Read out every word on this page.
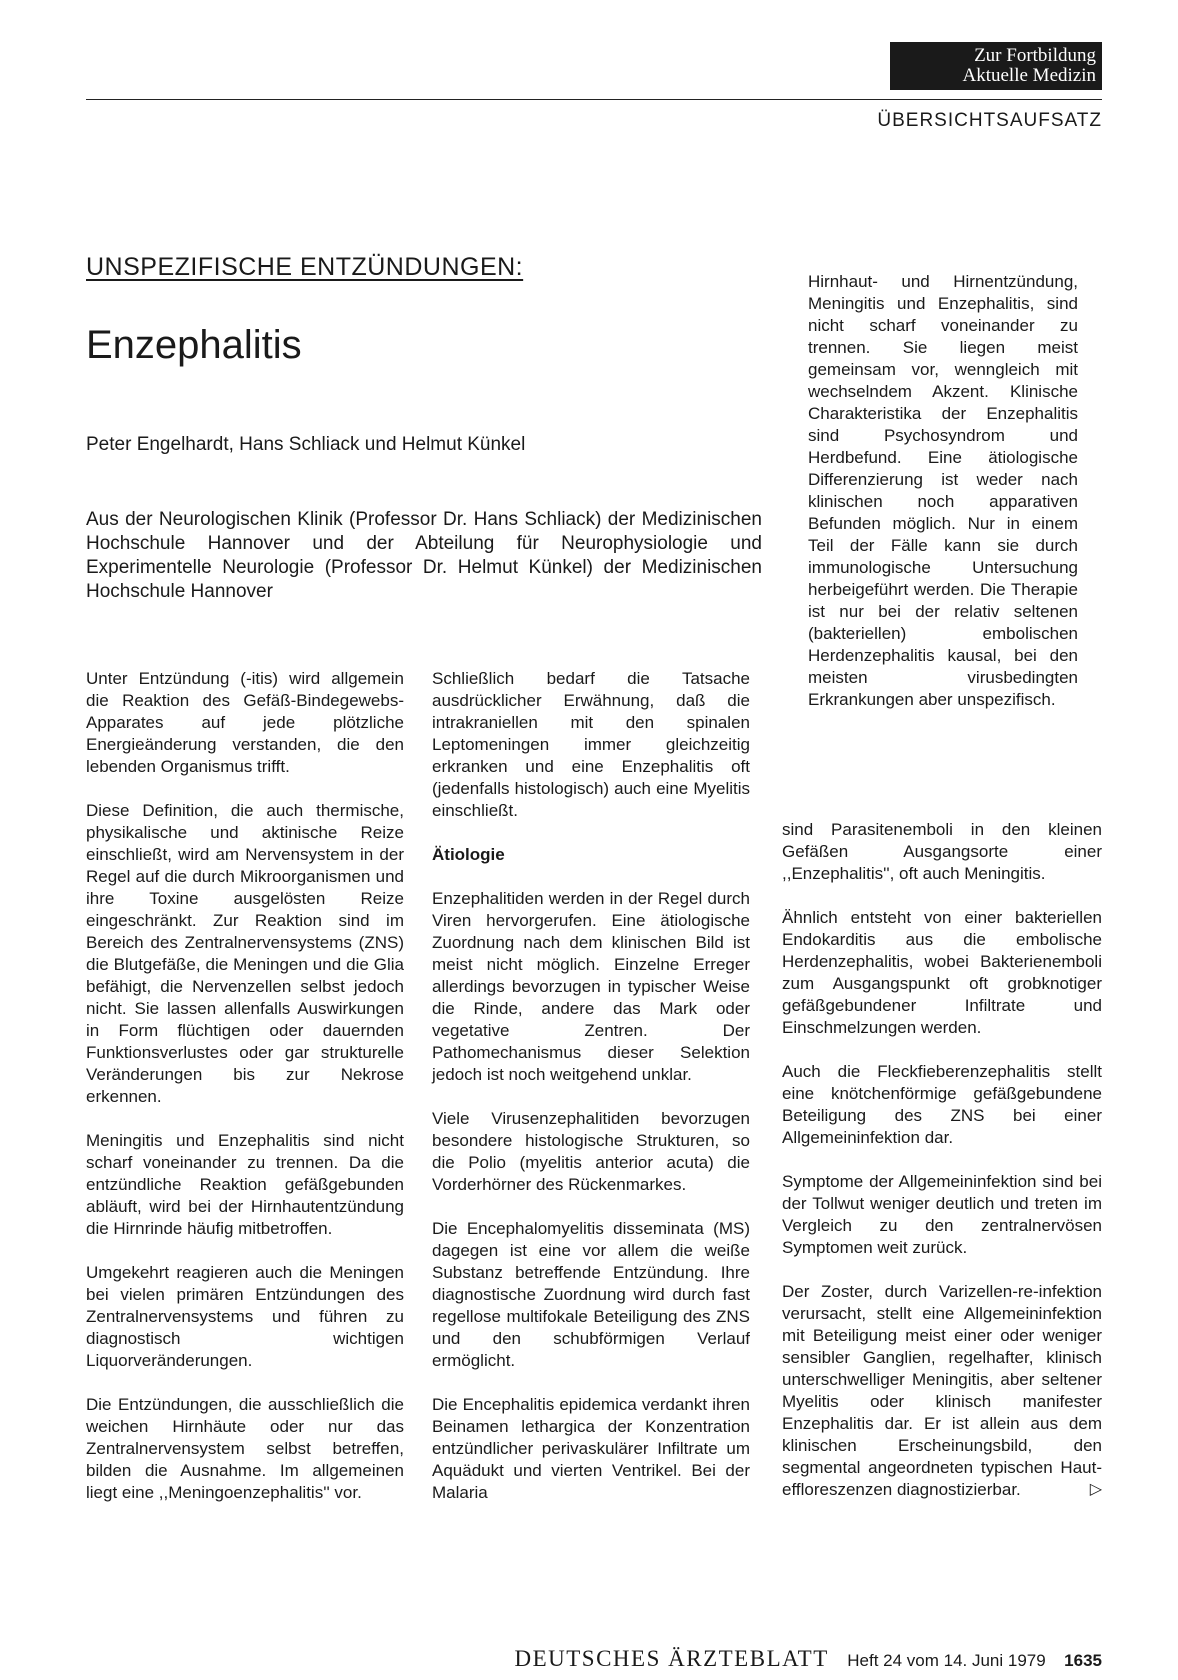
Zur Fortbildung
Aktuelle Medizin
ÜBERSICHTSAUFSATZ
UNSPEZIFISCHE ENTZÜNDUNGEN:
Enzephalitis
Peter Engelhardt, Hans Schliack und Helmut Künkel
Aus der Neurologischen Klinik (Professor Dr. Hans Schliack) der Medizinischen Hochschule Hannover und der Abteilung für Neurophysiologie und Experimentelle Neurologie (Professor Dr. Helmut Künkel) der Medizinischen Hochschule Hannover

Hirnhaut- und Hirnentzündung, Meningitis und Enzephalitis, sind nicht scharf voneinander zu trennen. Sie liegen meist gemeinsam vor, wenngleich mit wechselndem Akzent. Klinische Charakteristika der Enzephalitis sind Psychosyndrom und Herdbefund. Eine ätiologische Differenzierung ist weder nach klinischen noch apparativen Befunden möglich. Nur in einem Teil der Fälle kann sie durch immunologische Untersuchung herbeigeführt werden. Die Therapie ist nur bei der relativ seltenen (bakteriellen) embolischen Herdenzephalitis kausal, bei den meisten virusbedingten Erkrankungen aber unspezifisch.

Unter Entzündung (-itis) wird allgemein die Reaktion des Gefäß-Bindegewebs-Apparates auf jede plötzliche Energieänderung verstanden, die den lebenden Organismus trifft.

Diese Definition, die auch thermische, physikalische und aktinische Reize einschließt, wird am Nervensystem in der Regel auf die durch Mikroorganismen und ihre Toxine ausgelösten Reize eingeschränkt. Zur Reaktion sind im Bereich des Zentralnervensystems (ZNS) die Blutgefäße, die Meningen und die Glia befähigt, die Nervenzellen selbst jedoch nicht. Sie lassen allenfalls Auswirkungen in Form flüchtigen oder dauernden Funktionsverlustes oder gar strukturelle Veränderungen bis zur Nekrose erkennen.

Meningitis und Enzephalitis sind nicht scharf voneinander zu trennen. Da die entzündliche Reaktion gefäßgebunden abläuft, wird bei der Hirnhautentzündung die Hirnrinde häufig mitbetroffen.

Umgekehrt reagieren auch die Meningen bei vielen primären Entzündungen des Zentralnervensystems und führen zu diagnostisch wichtigen Liquorveränderungen.

Die Entzündungen, die ausschließlich die weichen Hirnhäute oder nur das Zentralnervensystem selbst betreffen, bilden die Ausnahme. Im allgemeinen liegt eine ,,Meningoenzephalitis'' vor.

Schließlich bedarf die Tatsache ausdrücklicher Erwähnung, daß die intrakraniellen mit den spinalen Leptomeningen immer gleichzeitig erkranken und eine Enzephalitis oft (jedenfalls histologisch) auch eine Myelitis einschließt.

Ätiologie

Enzephalitiden werden in der Regel durch Viren hervorgerufen. Eine ätiologische Zuordnung nach dem klinischen Bild ist meist nicht möglich. Einzelne Erreger allerdings bevorzugen in typischer Weise die Rinde, andere das Mark oder vegetative Zentren. Der Pathomechanismus dieser Selektion jedoch ist noch weitgehend unklar.

Viele Virusenzephalitiden bevorzugen besondere histologische Strukturen, so die Polio (myelitis anterior acuta) die Vorderhörner des Rückenmarkes.

Die Encephalomyelitis disseminata (MS) dagegen ist eine vor allem die weiße Substanz betreffende Entzündung. Ihre diagnostische Zuordnung wird durch fast regellose multifokale Beteiligung des ZNS und den schubförmigen Verlauf ermöglicht.

Die Encephalitis epidemica verdankt ihren Beinamen lethargica der Konzentration entzündlicher perivaskulärer Infiltrate um Aquädukt und vierten Ventrikel. Bei der Malaria

sind Parasitenemboli in den kleinen Gefäßen Ausgangsorte einer ,,Enzephalitis'', oft auch Meningitis.

Ähnlich entsteht von einer bakteriellen Endokarditis aus die embolische Herdenzephalitis, wobei Bakterienemboli zum Ausgangspunkt oft grobknotiger gefäßgebundener Infiltrate und Einschmelzungen werden.

Auch die Fleckfieberenzephalitis stellt eine knötchenförmige gefäßgebundene Beteiligung des ZNS bei einer Allgemeininfektion dar.

Symptome der Allgemeininfektion sind bei der Tollwut weniger deutlich und treten im Vergleich zu den zentralnervösen Symptomen weit zurück.

Der Zoster, durch Varizellen-re-infektion verursacht, stellt eine Allgemeininfektion mit Beteiligung meist einer oder weniger sensibler Ganglien, regelhafter, klinisch unterschwelliger Meningitis, aber seltener Myelitis oder klinisch manifester Enzephalitis dar. Er ist allein aus dem klinischen Erscheinungsbild, den segmental angeordneten typischen Hauteffloreszenzen diagnostizierbar.	▷

DEUTSCHES ÄRZTEBLATT Heft 24 vom 14. Juni 1979 1635
